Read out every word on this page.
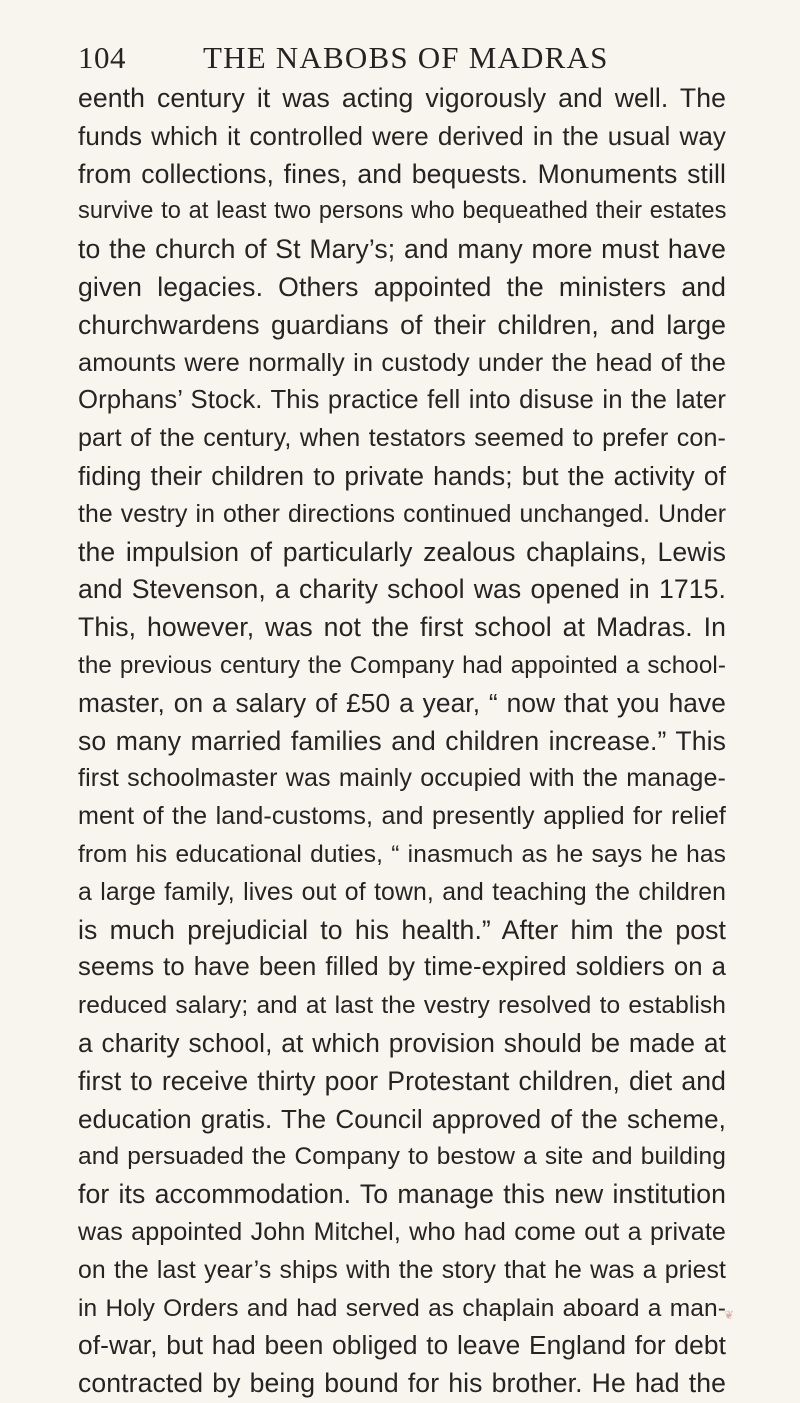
104 THE NABOBS OF MADRAS
eenth century it was acting vigorously and well. The
funds which it controlled were derived in the usual way
from collections, fines, and bequests. Monuments still
survive to at least two persons who bequeathed their estates
to the church of St Mary’s; and many more must have
given legacies. Others appointed the ministers and
churchwardens guardians of their children, and large
amounts were normally in custody under the head of the
Orphans’ Stock. This practice fell into disuse in the later
part of the century, when testators seemed to prefer con-
fiding their children to private hands; but the activity of
the vestry in other directions continued unchanged. Under
the impulsion of particularly zealous chaplains, Lewis
and Stevenson, a charity school was opened in 1715.
This, however, was not the first school at Madras. In
the previous century the Company had appointed a school-
master, on a salary of £50 a year, “ now that you have
so many married families and children increase.” This
first schoolmaster was mainly occupied with the manage-
ment of the land-customs, and presently applied for relief
from his educational duties, “ inasmuch as he says he has
a large family, lives out of town, and teaching the children
is much prejudicial to his health.” After him the post
seems to have been filled by time-expired soldiers on a
reduced salary; and at last the vestry resolved to establish
a charity school, at which provision should be made at
first to receive thirty poor Protestant children, diet and
education gratis. The Council approved of the scheme,
and persuaded the Company to bestow a site and building
for its accommodation. To manage this new institution
was appointed John Mitchel, who had come out a private
on the last year’s ships with the story that he was a priest
in Holy Orders and had served as chaplain aboard a man-
of-war, but had been obliged to leave England for debt
contracted by being bound for his brother. He had the
❦
